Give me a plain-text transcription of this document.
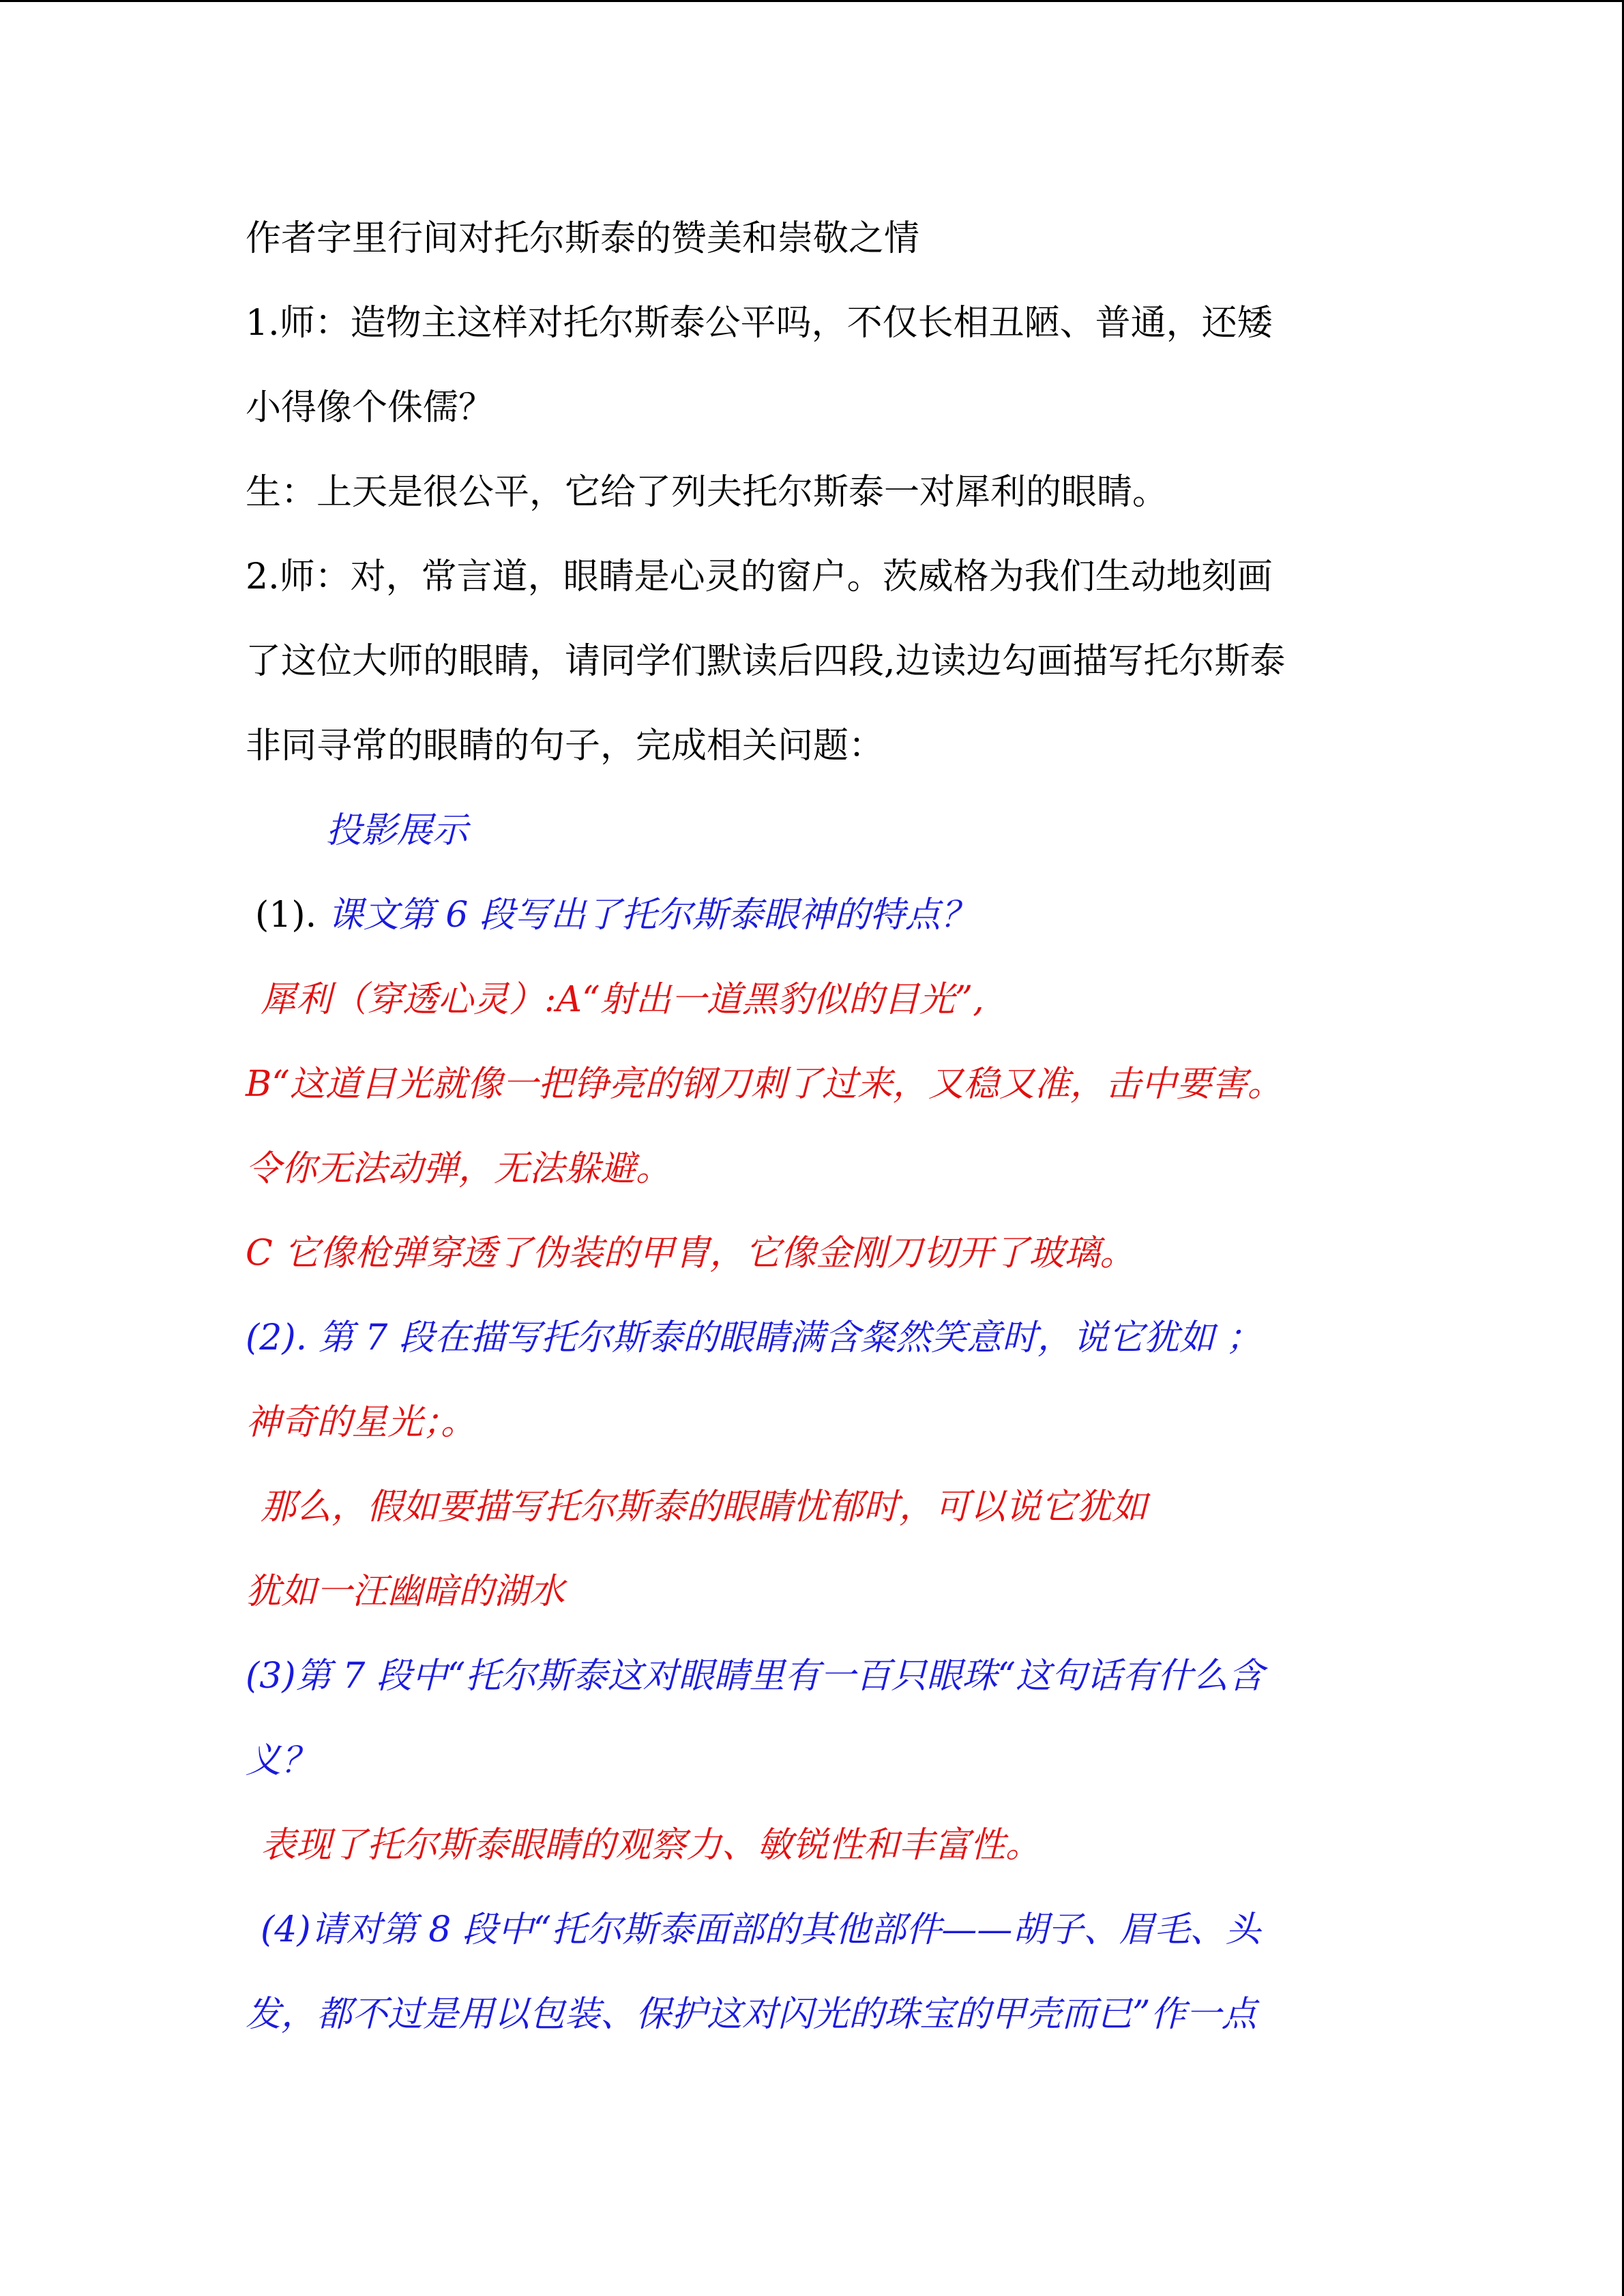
作者字里行间对托尔斯泰的赞美和崇敬之情
1.师：造物主这样对托尔斯泰公平吗，不仅长相丑陋、普通，还矮
小得像个侏儒？
生：上天是很公平，它给了列夫托尔斯泰一对犀利的眼睛。
2.师：对，常言道，眼睛是心灵的窗户。茨威格为我们生动地刻画
了这位大师的眼睛，请同学们默读后四段,边读边勾画描写托尔斯泰
非同寻常的眼睛的句子，完成相关问题：
投影展示
(1). 课文第 6 段写出了托尔斯泰眼神的特点？
犀利（穿透心灵）:A“射出一道黑豹似的目光”,
B“这道目光就像一把铮亮的钢刀刺了过来，又稳又准，击中要害。
令你无法动弹，无法躲避。
C 它像枪弹穿透了伪装的甲胄，它像金刚刀切开了玻璃。
(2). 第 7 段在描写托尔斯泰的眼睛满含粲然笑意时，说它犹如 ；
神奇的星光；。
那么，假如要描写托尔斯泰的眼睛忧郁时，可以说它犹如
犹如一汪幽暗的湖水
(3)第 7 段中“托尔斯泰这对眼睛里有一百只眼珠“这句话有什么含
义？
表现了托尔斯泰眼睛的观察力、敏锐性和丰富性。
(4)请对第 8 段中“托尔斯泰面部的其他部件——胡子、眉毛、头
发，都不过是用以包装、保护这对闪光的珠宝的甲壳而已”作一点
